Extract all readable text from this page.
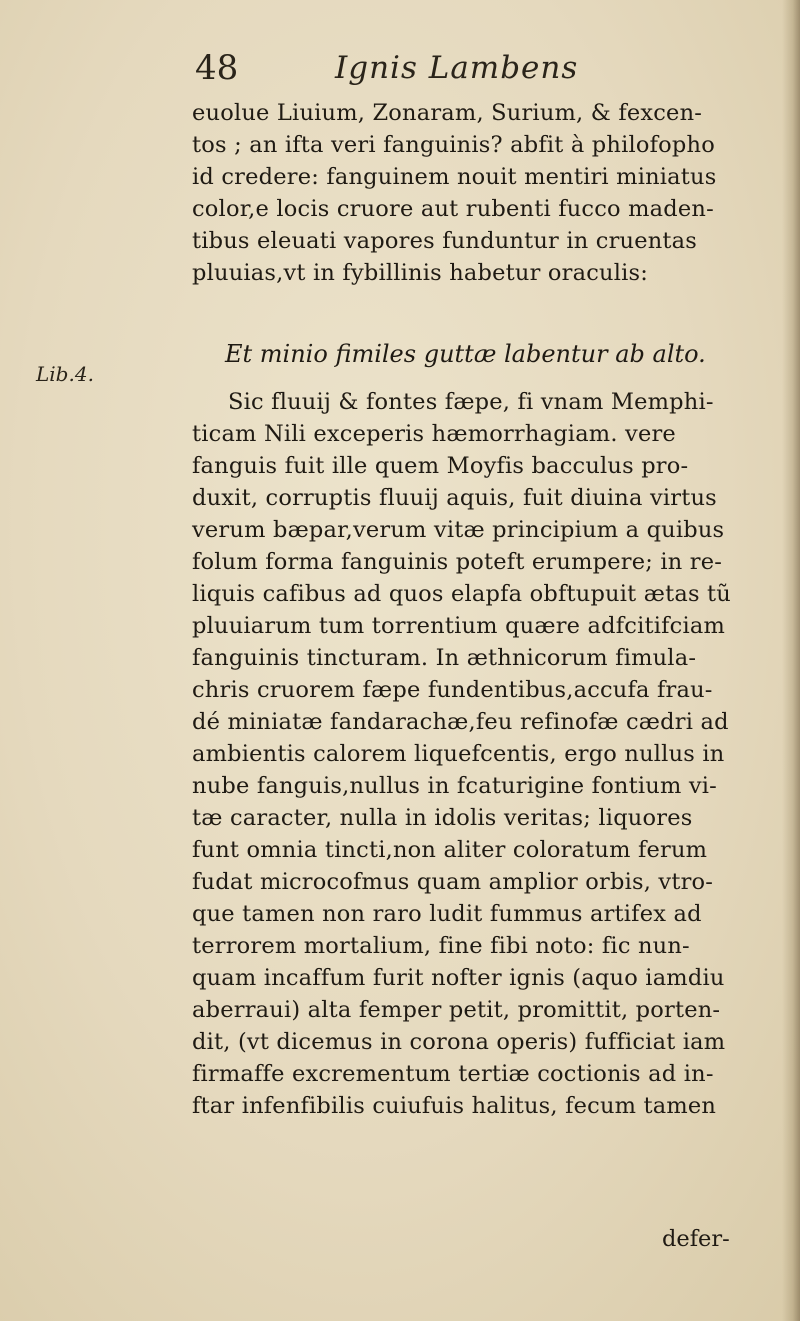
48	Ignis Lambens
euolue Liuium, Zonaram, Surium, & fexcen-
tos ; an ifta veri fanguinis? abfit à philofopho
id credere: fanguinem nouit mentiri miniatus
color,e locis cruore aut rubenti fucco maden-
tibus eleuati vapores funduntur in cruentas
pluuias,vt in fybillinis habetur oraculis:
Et minio fimiles guttæ labentur ab alto.
Lib.4.
Sic fluuij & fontes fæpe, fi vnam Memphi-
ticam Nili exceperis hæmorrhagiam. vere
fanguis fuit ille quem Moyfis bacculus pro-
duxit, corruptis fluuij aquis, fuit diuina virtus
verum bæpar,verum vitæ principium a quibus
folum forma fanguinis poteft erumpere; in re-
liquis cafibus ad quos elapfa obftupuit ætas tũ
pluuiarum tum torrentium quære adfcitifciam
fanguinis tincturam. In æthnicorum fimula-
chris cruorem fæpe fundentibus,accufa frau-
dé miniatæ fandarachæ,feu refinofæ cædri ad
ambientis calorem liquefcentis, ergo nullus in
nube fanguis,nullus in fcaturigine fontium vi-
tæ caracter, nulla in idolis veritas; liquores
funt omnia tincti,non aliter coloratum ferum
fudat microcofmus quam amplior orbis, vtro-
que tamen non raro ludit fummus artifex ad
terrorem mortalium, fine fibi noto: fic nun-
quam incaffum furit nofter ignis (aquo iamdiu
aberraui) alta femper petit, promittit, porten-
dit, (vt dicemus in corona operis) fufficiat iam
firmaffe excrementum tertiæ coctionis ad in-
ftar infenfibilis cuiufuis halitus, fecum tamen
defer-
